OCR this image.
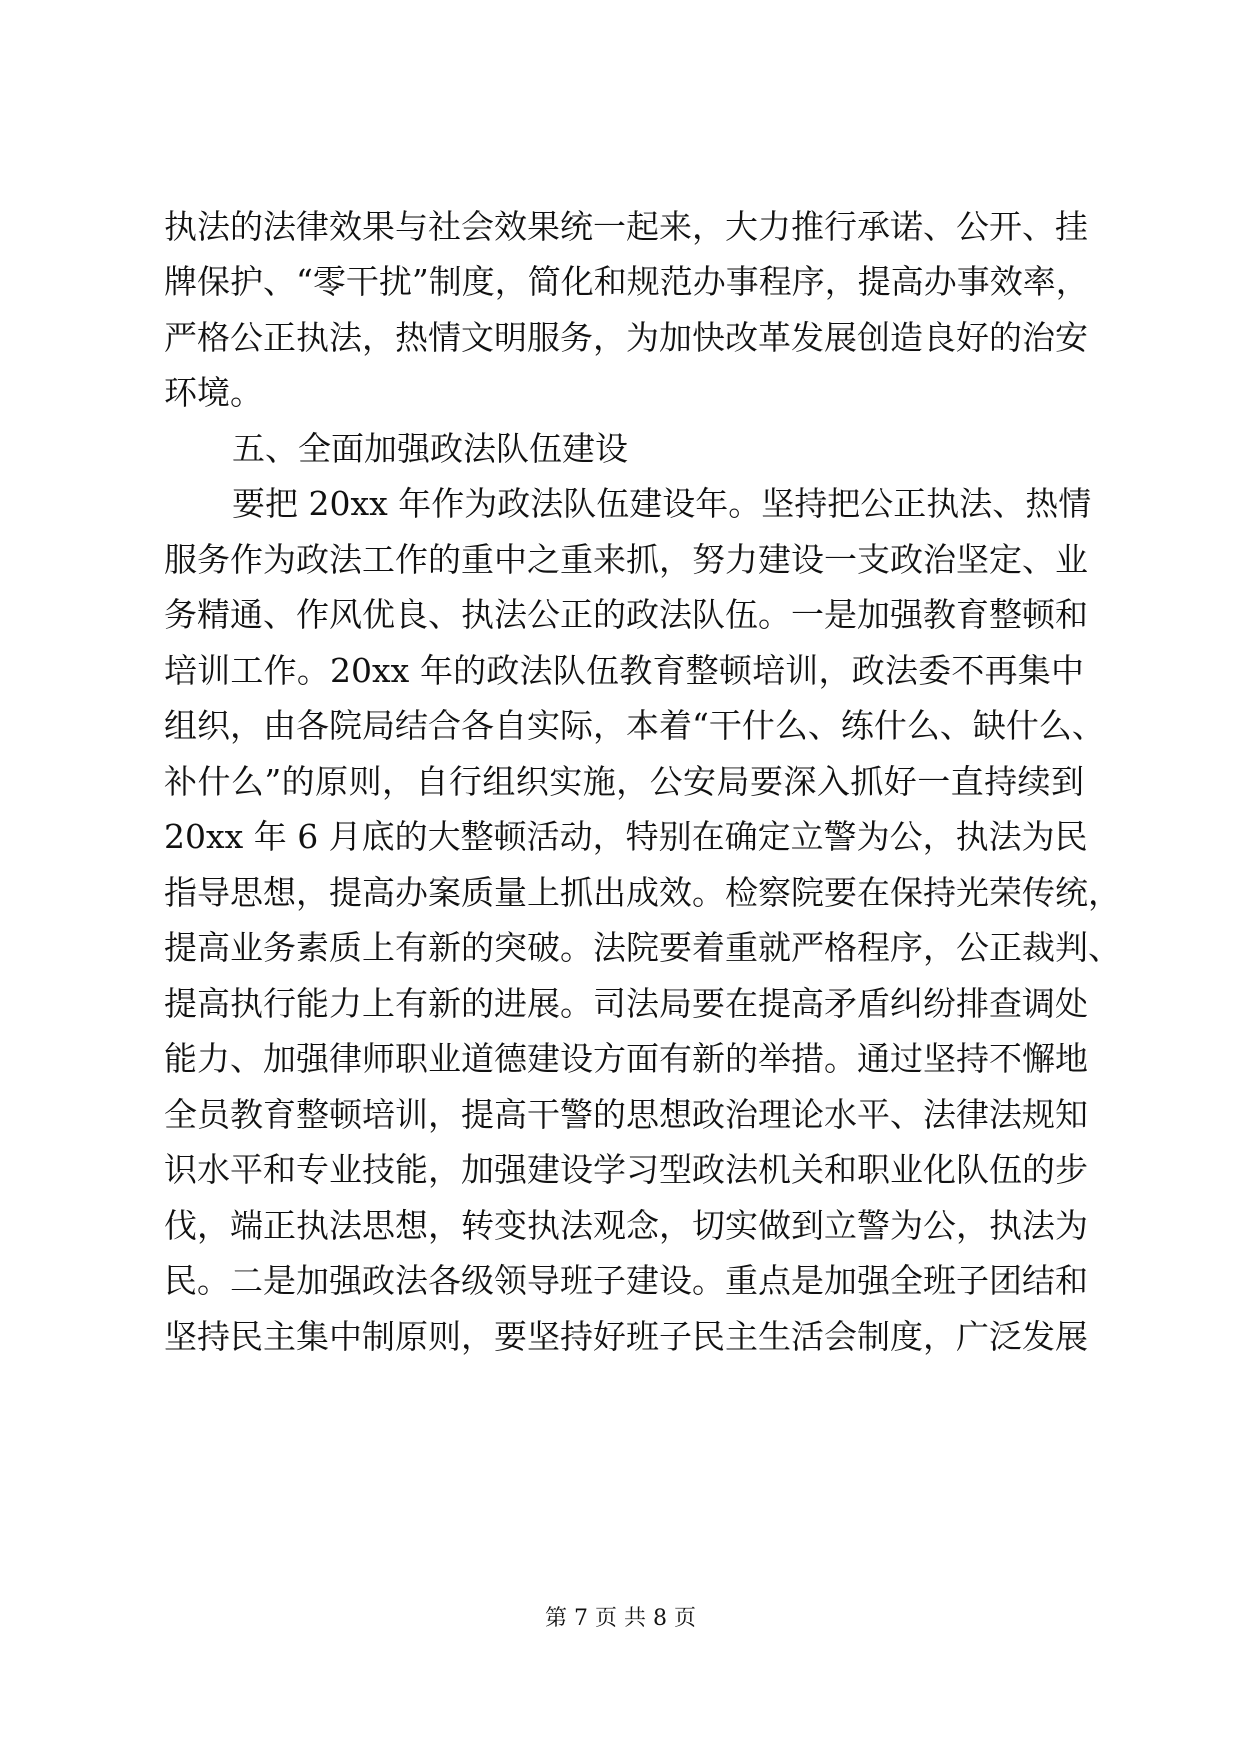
执法的法律效果与社会效果统一起来，大力推行承诺、公开、挂
牌保护、“零干扰”制度，简化和规范办事程序，提高办事效率，
严格公正执法，热情文明服务，为加快改革发展创造良好的治安
环境。
五、全面加强政法队伍建设
要把 20xx 年作为政法队伍建设年。坚持把公正执法、热情
服务作为政法工作的重中之重来抓，努力建设一支政治坚定、业
务精通、作风优良、执法公正的政法队伍。一是加强教育整顿和
培训工作。20xx 年的政法队伍教育整顿培训，政法委不再集中
组织，由各院局结合各自实际，本着“干什么、练什么、缺什么、
补什么”的原则，自行组织实施，公安局要深入抓好一直持续到
20xx 年 6 月底的大整顿活动，特别在确定立警为公，执法为民
指导思想，提高办案质量上抓出成效。检察院要在保持光荣传统，
提高业务素质上有新的突破。法院要着重就严格程序，公正裁判、
提高执行能力上有新的进展。司法局要在提高矛盾纠纷排查调处
能力、加强律师职业道德建设方面有新的举措。通过坚持不懈地
全员教育整顿培训，提高干警的思想政治理论水平、法律法规知
识水平和专业技能，加强建设学习型政法机关和职业化队伍的步
伐，端正执法思想，转变执法观念，切实做到立警为公，执法为
民。二是加强政法各级领导班子建设。重点是加强全班子团结和
坚持民主集中制原则，要坚持好班子民主生活会制度，广泛发展
第 7 页 共 8 页
